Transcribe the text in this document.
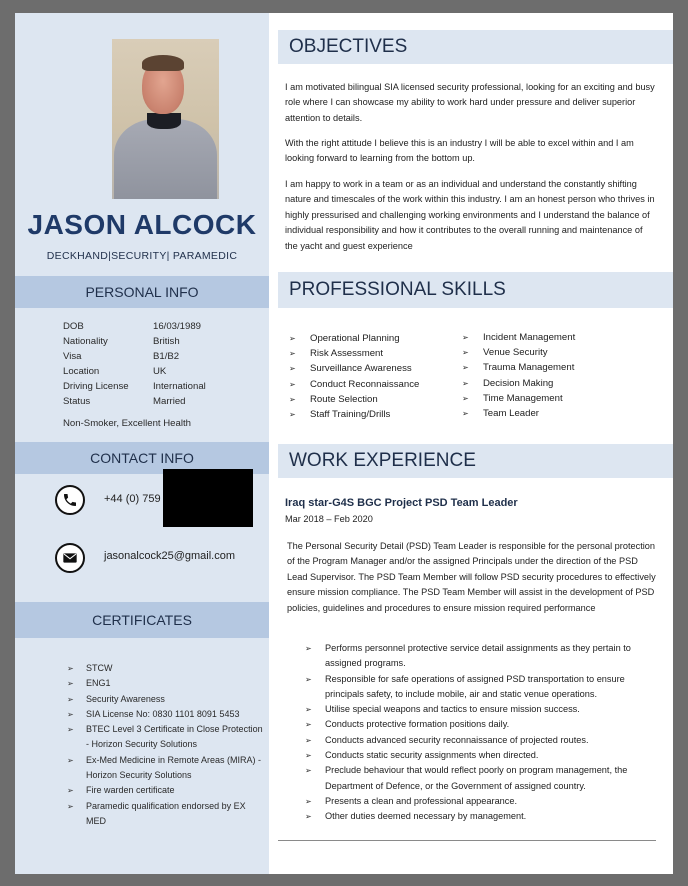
JASON ALCOCK
DECKHAND|SECURITY| PARAMEDIC
PERSONAL INFO
DOB	16/03/1989
Nationality	British
Visa	B1/B2
Location	UK
Driving License	International
Status	Married
Non-Smoker, Excellent Health
CONTACT INFO
+44 (0) 759
jasonalcock25@gmail.com
CERTIFICATES
➢ STCW
➢ ENG1
➢ Security Awareness
➢ SIA License No: 0830 1101 8091 5453
➢ BTEC Level 3 Certificate in Close Protection - Horizon Security Solutions
➢ Ex-Med Medicine in Remote Areas (MIRA) - Horizon Security Solutions
➢ Fire warden certificate
➢ Paramedic qualification endorsed by EX MED
OBJECTIVES

I am motivated bilingual SIA licensed security professional, looking for an exciting and busy role where I can showcase my ability to work hard under pressure and deliver superior attention to details.

With the right attitude I believe this is an industry I will be able to excel within and I am looking forward to learning from the bottom up.

I am happy to work in a team or as an individual and understand the constantly shifting nature and timescales of the work within this industry. I am an honest person who thrives in highly pressurised and challenging working environments and I understand the balance of individual responsibility and how it contributes to the overall running and maintenance of the yacht and guest experience

PROFESSIONAL SKILLS
➢ Operational Planning
➢ Risk Assessment
➢ Surveillance Awareness
➢ Conduct Reconnaissance
➢ Route Selection
➢ Staff Training/Drills
➢ Incident Management
➢ Venue Security
➢ Trauma Management
➢ Decision Making
➢ Time Management
➢ Team Leader
WORK EXPERIENCE
Iraq star-G4S BGC Project PSD Team Leader
Mar 2018 – Feb 2020

The Personal Security Detail (PSD) Team Leader is responsible for the personal protection of the Program Manager and/or the assigned Principals under the direction of the PSD Lead Supervisor. The PSD Team Member will follow PSD security procedures to effectively ensure mission compliance. The PSD Team Member will assist in the development of PSD policies, guidelines and procedures to ensure mission required performance

➢ Performs personnel protective service detail assignments as they pertain to assigned programs.
➢ Responsible for safe operations of assigned PSD transportation to ensure principals safety, to include mobile, air and static venue operations.
➢ Utilise special weapons and tactics to ensure mission success.
➢ Conducts protective formation positions daily.
➢ Conducts advanced security reconnaissance of projected routes.
➢ Conducts static security assignments when directed.
➢ Preclude behaviour that would reflect poorly on program management, the Department of Defence, or the Government of assigned country.
➢ Presents a clean and professional appearance.
➢ Other duties deemed necessary by management.
